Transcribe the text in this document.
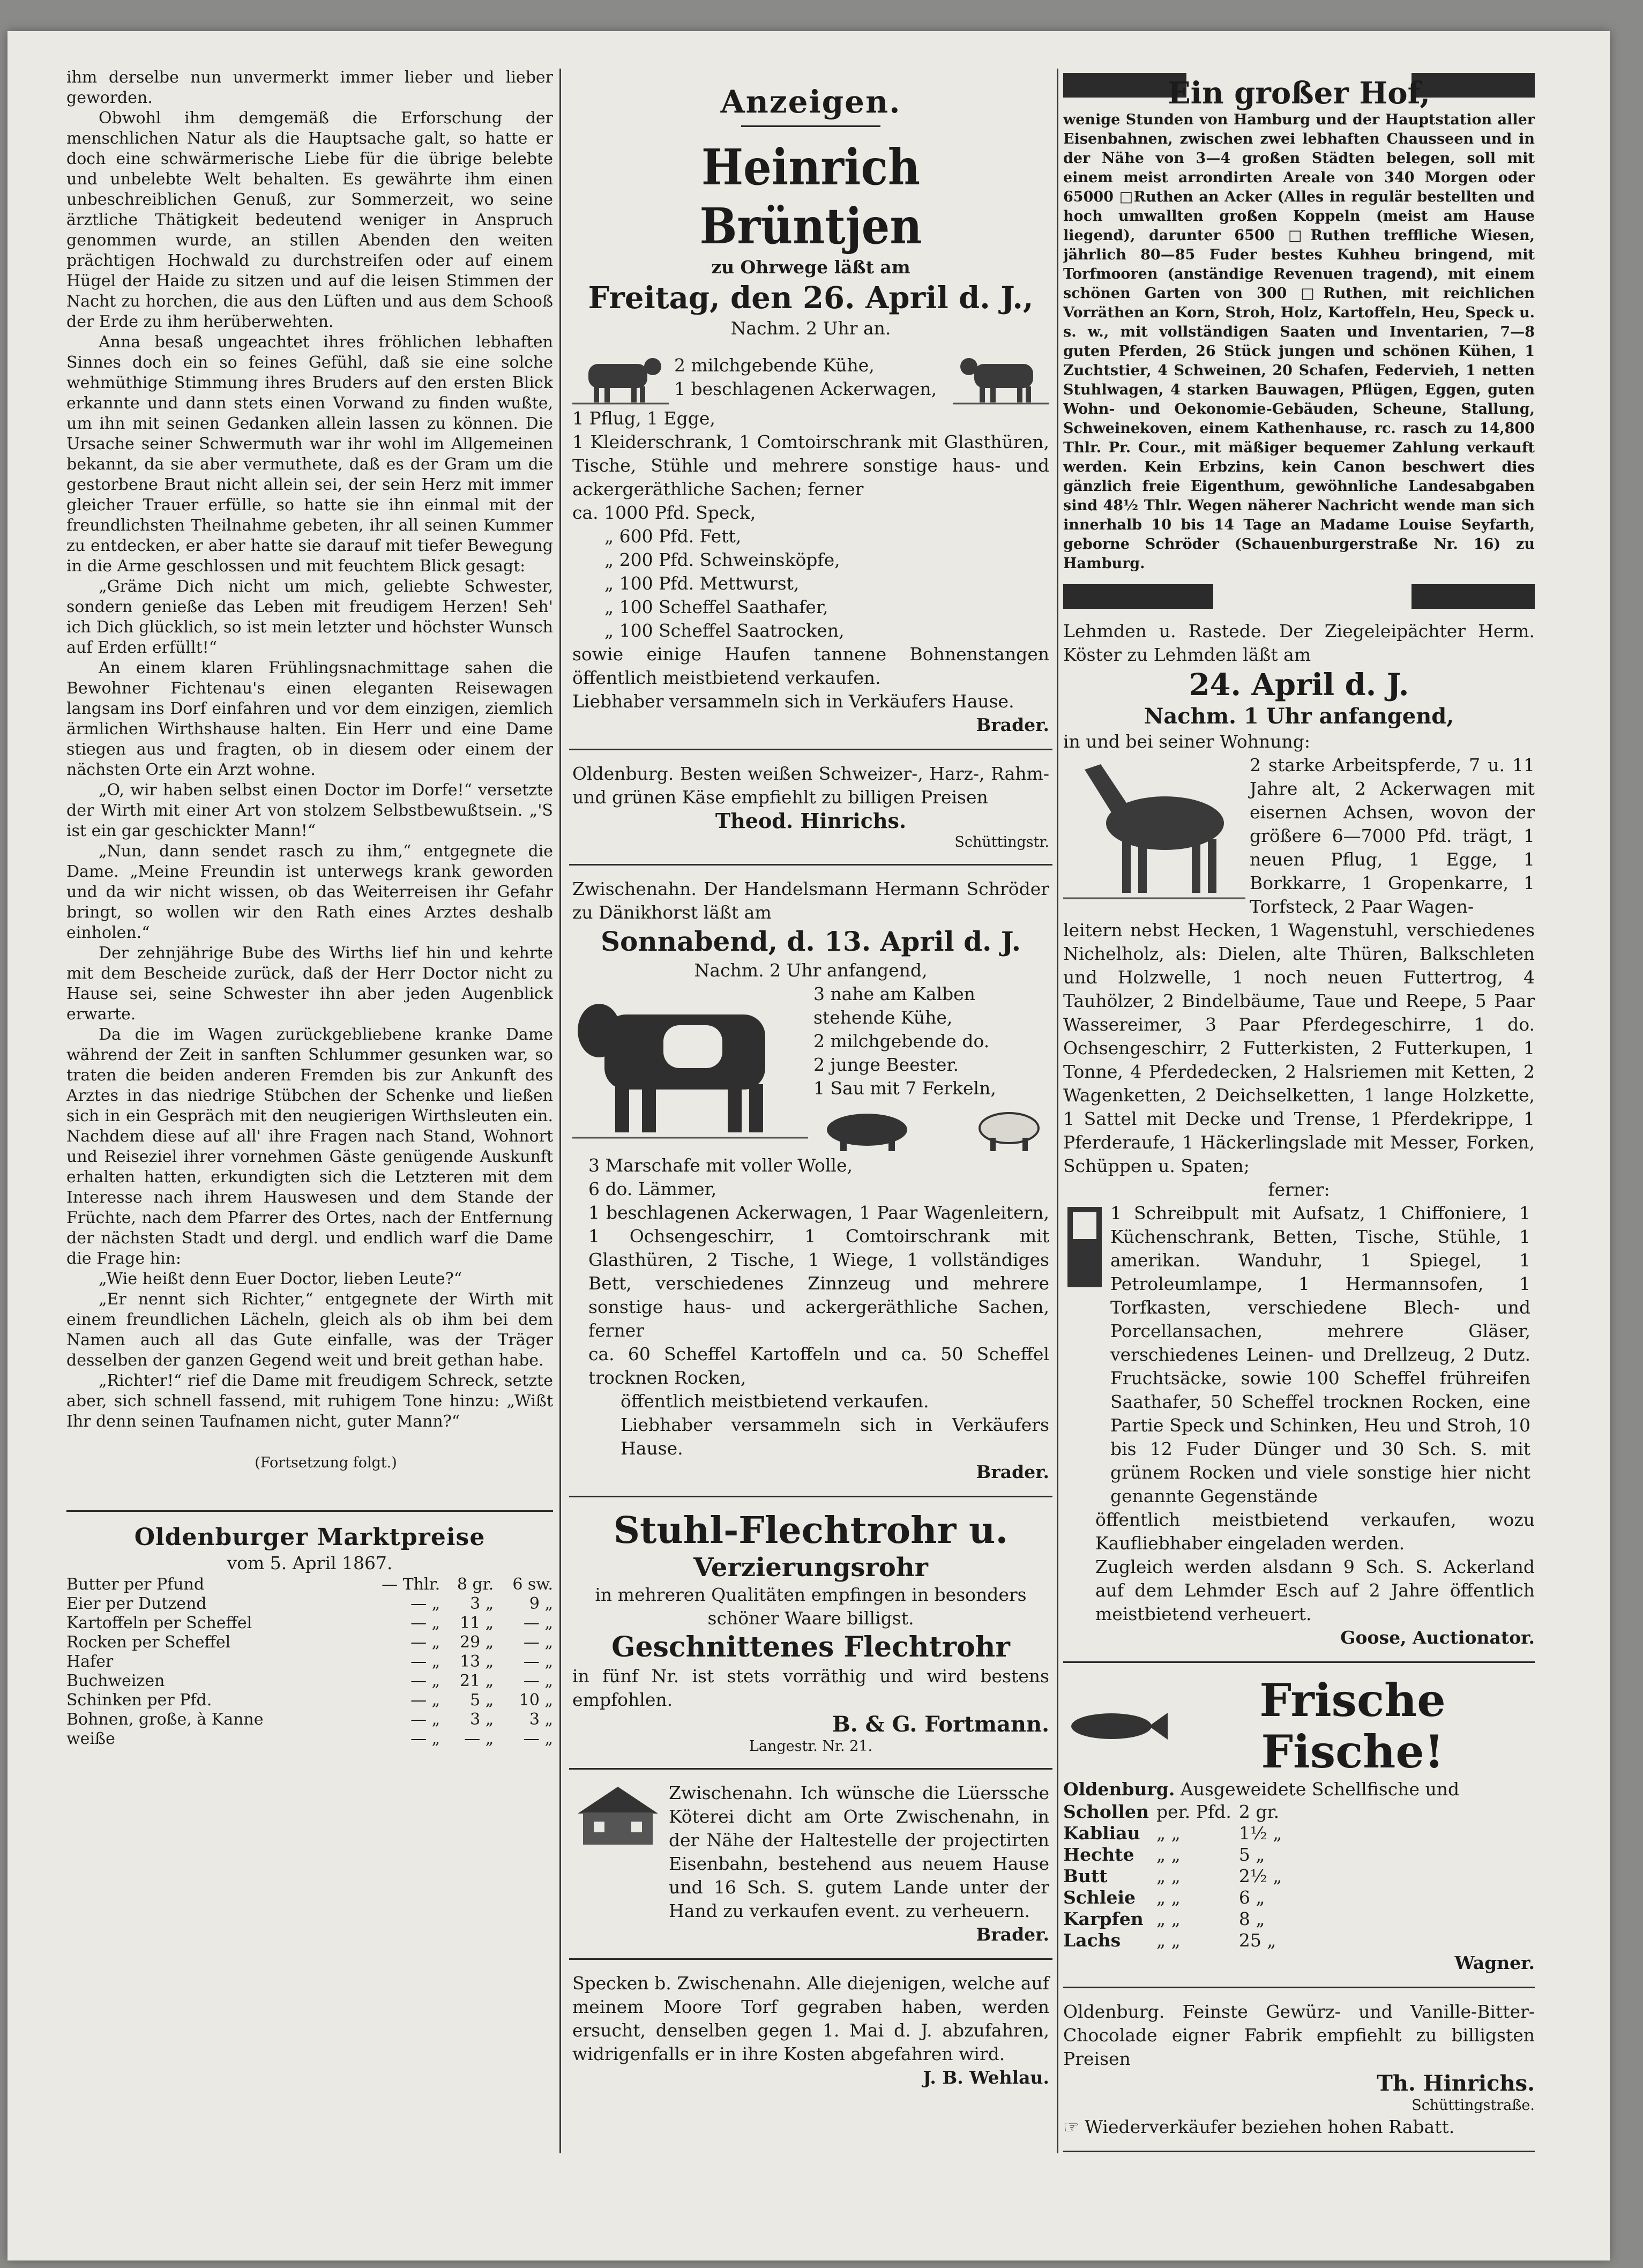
ihm derselbe nun unvermerkt immer lieber und lieber geworden.

Obwohl ihm demgemäß die Erforschung der menschlichen Natur als die Hauptsache galt, so hatte er doch eine schwärmerische Liebe für die übrige belebte und unbelebte Welt behalten. Es gewährte ihm einen unbeschreiblichen Genuß, zur Sommerzeit, wo seine ärztliche Thätigkeit bedeutend weniger in Anspruch genommen wurde, an stillen Abenden den weiten prächtigen Hochwald zu durchstreifen oder auf einem Hügel der Haide zu sitzen und auf die leisen Stimmen der Nacht zu horchen, die aus den Lüften und aus dem Schooß der Erde zu ihm herüberwehten.

Anna besaß ungeachtet ihres fröhlichen lebhaften Sinnes doch ein so feines Gefühl, daß sie eine solche wehmüthige Stimmung ihres Bruders auf den ersten Blick erkannte und dann stets einen Vorwand zu finden wußte, um ihn mit seinen Gedanken allein lassen zu können. Die Ursache seiner Schwermuth war ihr wohl im Allgemeinen bekannt, da sie aber vermuthete, daß es der Gram um die gestorbene Braut nicht allein sei, der sein Herz mit immer gleicher Trauer erfülle, so hatte sie ihn einmal mit der freundlichsten Theilnahme gebeten, ihr all seinen Kummer zu entdecken, er aber hatte sie darauf mit tiefer Bewegung in die Arme geschlossen und mit feuchtem Blick gesagt:

„Gräme Dich nicht um mich, geliebte Schwester, sondern genieße das Leben mit freudigem Herzen! Seh' ich Dich glücklich, so ist mein letzter und höchster Wunsch auf Erden erfüllt!“

An einem klaren Frühlingsnachmittage sahen die Bewohner Fichtenau's einen eleganten Reisewagen langsam ins Dorf einfahren und vor dem einzigen, ziemlich ärmlichen Wirthshause halten. Ein Herr und eine Dame stiegen aus und fragten, ob in diesem oder einem der nächsten Orte ein Arzt wohne.

„O, wir haben selbst einen Doctor im Dorfe!“ versetzte der Wirth mit einer Art von stolzem Selbstbewußtsein. „'S ist ein gar geschickter Mann!“

„Nun, dann sendet rasch zu ihm,“ entgegnete die Dame. „Meine Freundin ist unterwegs krank geworden und da wir nicht wissen, ob das Weiterreisen ihr Gefahr bringt, so wollen wir den Rath eines Arztes deshalb einholen.“

Der zehnjährige Bube des Wirths lief hin und kehrte mit dem Bescheide zurück, daß der Herr Doctor nicht zu Hause sei, seine Schwester ihn aber jeden Augenblick erwarte.

Da die im Wagen zurückgebliebene kranke Dame während der Zeit in sanften Schlummer gesunken war, so traten die beiden anderen Fremden bis zur Ankunft des Arztes in das niedrige Stübchen der Schenke und ließen sich in ein Gespräch mit den neugierigen Wirthsleuten ein. Nachdem diese auf all' ihre Fragen nach Stand, Wohnort und Reiseziel ihrer vornehmen Gäste genügende Auskunft erhalten hatten, erkundigten sich die Letzteren mit dem Interesse nach ihrem Hauswesen und dem Stande der Früchte, nach dem Pfarrer des Ortes, nach der Entfernung der nächsten Stadt und dergl. und endlich warf die Dame die Frage hin:

„Wie heißt denn Euer Doctor, lieben Leute?“

„Er nennt sich Richter,“ entgegnete der Wirth mit einem freundlichen Lächeln, gleich als ob ihm bei dem Namen auch all das Gute einfalle, was der Träger desselben der ganzen Gegend weit und breit gethan habe.

„Richter!“ rief die Dame mit freudigem Schreck, setzte aber, sich schnell fassend, mit ruhigem Tone hinzu: „Wißt Ihr denn seinen Taufnamen nicht, guter Mann?“

(Fortsetzung folgt.)

Oldenburger Marktpreise

vom 5. April 1867.

Butter per Pfund	— Thlr.	8 gr.	6 sw.
Eier per Dutzend	— „	3 „	9 „
Kartoffeln per Scheffel	— „	11 „	— „
Rocken per Scheffel	— „	29 „	— „
Hafer	— „	13 „	— „
Buchweizen	— „	21 „	— „
Schinken per Pfd.	— „	5 „	10 „
Bohnen, große, à Kanne	— „	3 „	3 „
weiße	— „	— „	— „

Anzeigen.

Heinrich Brüntjen

zu Ohrwege läßt am

Freitag, den 26. April d. J.,

Nachm. 2 Uhr an.

2 milchgebende Kühe,

1 beschlagenen Ackerwagen,

1 Pflug, 1 Egge,

1 Kleiderschrank, 1 Comtoirschrank mit Glasthüren, Tische, Stühle und mehrere sonstige haus- und ackergeräthliche Sachen; ferner

ca. 1000 Pfd. Speck,

„ 600 Pfd. Fett,

„ 200 Pfd. Schweinsköpfe,

„ 100 Pfd. Mettwurst,

„ 100 Scheffel Saathafer,

„ 100 Scheffel Saatrocken,

sowie einige Haufen tannene Bohnenstangen öffentlich meistbietend verkaufen.

Liebhaber versammeln sich in Verkäufers Hause.

Brader.

Oldenburg. Besten weißen Schweizer-, Harz-, Rahm- und grünen Käse empfiehlt zu billigen Preisen

Theod. Hinrichs.

Schüttingstr.

Zwischenahn. Der Handelsmann Hermann Schröder zu Dänikhorst läßt am

Sonnabend, d. 13. April d. J.

Nachm. 2 Uhr anfangend,

3 nahe am Kalben stehende Kühe,

2 milchgebende do.

2 junge Beester.

1 Sau mit 7 Ferkeln,

3 Marschafe mit voller Wolle,

6 do. Lämmer,

1 beschlagenen Ackerwagen, 1 Paar Wagenleitern, 1 Ochsengeschirr, 1 Comtoirschrank mit Glasthüren, 2 Tische, 1 Wiege, 1 vollständiges Bett, verschiedenes Zinnzeug und mehrere sonstige haus- und ackergeräthliche Sachen, ferner

ca. 60 Scheffel Kartoffeln und ca. 50 Scheffel trocknen Rocken,

öffentlich meistbietend verkaufen.

Liebhaber versammeln sich in Verkäufers Hause.

Brader.

Stuhl-Flechtrohr u.

Verzierungsrohr

in mehreren Qualitäten empfingen in besonders schöner Waare billigst.

Geschnittenes Flechtrohr

in fünf Nr. ist stets vorräthig und wird bestens empfohlen.

B. & G. Fortmann.

Langestr. Nr. 21.

Zwischenahn. Ich wünsche die Lüerssche Köterei dicht am Orte Zwischenahn, in der Nähe der Haltestelle der projectirten Eisenbahn, bestehend aus neuem Hause und 16 Sch. S. gutem Lande unter der Hand zu verkaufen event. zu verheuern.

Brader.

Specken b. Zwischenahn. Alle diejenigen, welche auf meinem Moore Torf gegraben haben, werden ersucht, denselben gegen 1. Mai d. J. abzufahren, widrigenfalls er in ihre Kosten abgefahren wird.

J. B. Wehlau.

Ein großer Hof,

wenige Stunden von Hamburg und der Hauptstation aller Eisenbahnen, zwischen zwei lebhaften Chausseen und in der Nähe von 3—4 großen Städten belegen, soll mit einem meist arrondirten Areale von 340 Morgen oder 65000 □Ruthen an Acker (Alles in regulär bestellten und hoch umwallten großen Koppeln (meist am Hause liegend), darunter 6500 □Ruthen treffliche Wiesen, jährlich 80—85 Fuder bestes Kuhheu bringend, mit Torfmooren (anständige Revenuen tragend), mit einem schönen Garten von 300 □Ruthen, mit reichlichen Vorräthen an Korn, Stroh, Holz, Kartoffeln, Heu, Speck u. s. w., mit vollständigen Saaten und Inventarien, 7—8 guten Pferden, 26 Stück jungen und schönen Kühen, 1 Zuchtstier, 4 Schweinen, 20 Schafen, Federvieh, 1 netten Stuhlwagen, 4 starken Bauwagen, Pflügen, Eggen, guten Wohn- und Oekonomie-Gebäuden, Scheune, Stallung, Schweinekoven, einem Kathenhause, rc. rasch zu 14,800 Thlr. Pr. Cour., mit mäßiger bequemer Zahlung verkauft werden. Kein Erbzins, kein Canon beschwert dies gänzlich freie Eigenthum, gewöhnliche Landesabgaben sind 48½ Thlr. Wegen näherer Nachricht wende man sich innerhalb 10 bis 14 Tage an Madame Louise Seyfarth, geborne Schröder (Schauenburgerstraße Nr. 16) zu Hamburg.

Lehmden u. Rastede. Der Ziegeleipächter Herm. Köster zu Lehmden läßt am

24. April d. J.

Nachm. 1 Uhr anfangend,

in und bei seiner Wohnung:

2 starke Arbeitspferde, 7 u. 11 Jahre alt, 2 Ackerwagen mit eisernen Achsen, wovon der größere 6—7000 Pfd. trägt, 1 neuen Pflug, 1 Egge, 1 Borkkarre, 1 Gropenkarre, 1 Torfsteck, 2 Paar Wagen-

leitern nebst Hecken, 1 Wagenstuhl, verschiedenes Nichelholz, als: Dielen, alte Thüren, Balkschleten und Holzwelle, 1 noch neuen Futtertrog, 4 Tauhölzer, 2 Bindelbäume, Taue und Reepe, 5 Paar Wassereimer, 3 Paar Pferdegeschirre, 1 do. Ochsengeschirr, 2 Futterkisten, 2 Futterkupen, 1 Tonne, 4 Pferdedecken, 2 Halsriemen mit Ketten, 2 Wagenketten, 2 Deichselketten, 1 lange Holzkette, 1 Sattel mit Decke und Trense, 1 Pferdekrippe, 1 Pferderaufe, 1 Häckerlingslade mit Messer, Forken, Schüppen u. Spaten;

ferner:

1 Schreibpult mit Aufsatz, 1 Chiffoniere, 1 Küchenschrank, Betten, Tische, Stühle, 1 amerikan. Wanduhr, 1 Spiegel, 1 Petroleumlampe, 1 Hermannsofen, 1 Torfkasten, verschiedene Blech- und Porcellansachen, mehrere Gläser, verschiedenes Leinen- und Drellzeug, 2 Dutz. Fruchtsäcke, sowie 100 Scheffel frühreifen Saathafer, 50 Scheffel trocknen Rocken, eine Partie Speck und Schinken, Heu und Stroh, 10 bis 12 Fuder Dünger und 30 Sch. S. mit grünem Rocken und viele sonstige hier nicht genannte Gegenstände

öffentlich meistbietend verkaufen, wozu Kaufliebhaber eingeladen werden.

Zugleich werden alsdann 9 Sch. S. Ackerland auf dem Lehmder Esch auf 2 Jahre öffentlich meistbietend verheuert.

Goose, Auctionator.

Frische Fische!

Oldenburg. Ausgeweidete Schellfische und

Schollen	per. Pfd.	2 gr.
Kabliau	„ „	1½ „
Hechte	„ „	5 „
Butt	„ „	2½ „
Schleie	„ „	6 „
Karpfen	„ „	8 „
Lachs	„ „	25 „

Wagner.

Oldenburg. Feinste Gewürz- und Vanille-Bitter-Chocolade eigner Fabrik empfiehlt zu billigsten Preisen

Th. Hinrichs.

Schüttingstraße.

☞ Wiederverkäufer beziehen hohen Rabatt.
